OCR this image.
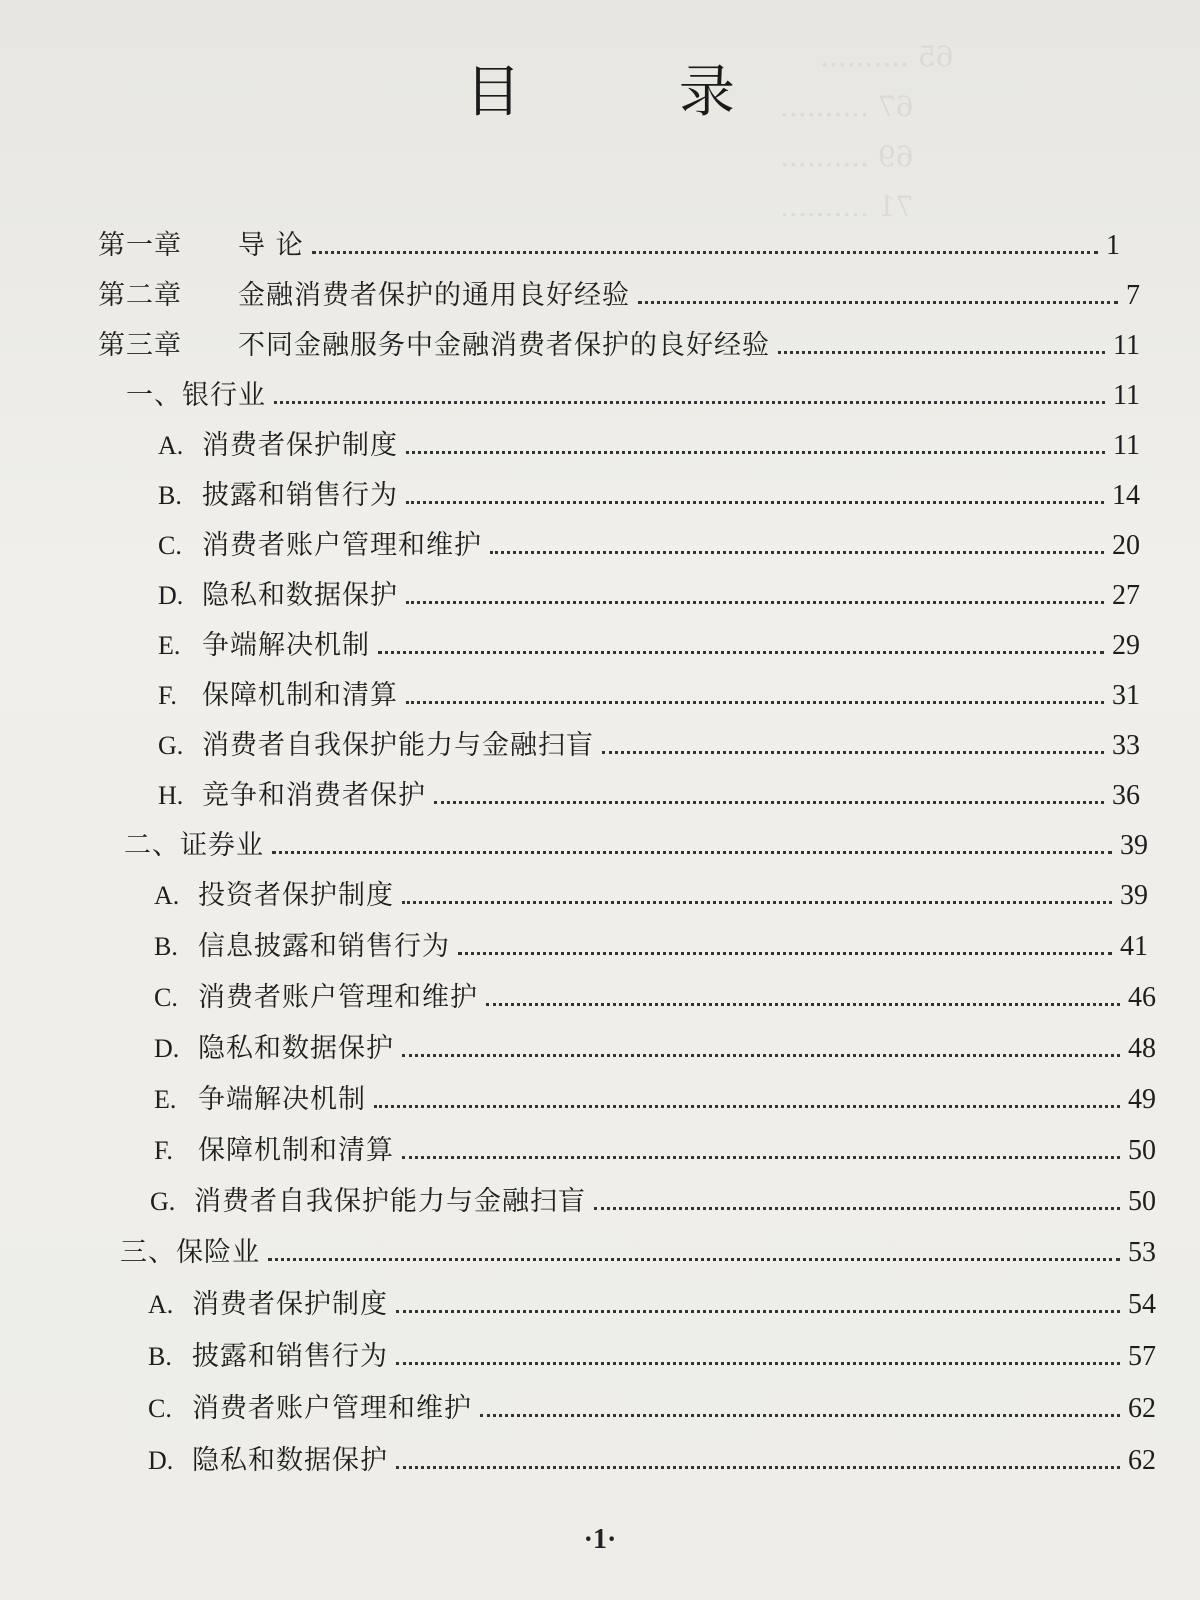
65 ..........
67 ..........
69 ..........
71 ..........
目 录
第一章	导 论	1
第二章	金融消费者保护的通用良好经验	7
第三章	不同金融服务中金融消费者保护的良好经验	11
一、银行业	11
A. 消费者保护制度	11
B. 披露和销售行为	14
C. 消费者账户管理和维护	20
D. 隐私和数据保护	27
E. 争端解决机制	29
F. 保障机制和清算	31
G. 消费者自我保护能力与金融扫盲	33
H. 竞争和消费者保护	36
二、证券业	39
A. 投资者保护制度	39
B. 信息披露和销售行为	41
C. 消费者账户管理和维护	46
D. 隐私和数据保护	48
E. 争端解决机制	49
F. 保障机制和清算	50
G. 消费者自我保护能力与金融扫盲	50
三、保险业	53
A. 消费者保护制度	54
B. 披露和销售行为	57
C. 消费者账户管理和维护	62
D. 隐私和数据保护	62
·1·
